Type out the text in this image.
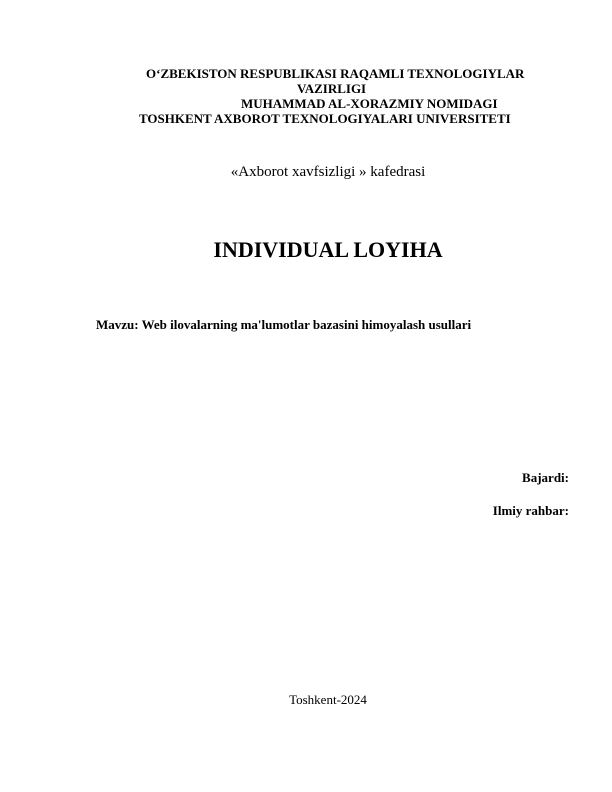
O‘ZBEKISTON RESPUBLIKASI RAQAMLI TEXNOLOGIYLAR
VAZIRLIGI
MUHAMMAD AL-XORAZMIY NOMIDAGI
TOSHKENT AXBOROT TEXNOLOGIYALARI UNIVERSITETI
«Axborot xavfsizligi » kafedrasi
INDIVIDUAL LOYIHA
Mavzu: Web ilovalarning ma'lumotlar bazasini himoyalash usullari
Bajardi:
Ilmiy rahbar:
Toshkent-2024
